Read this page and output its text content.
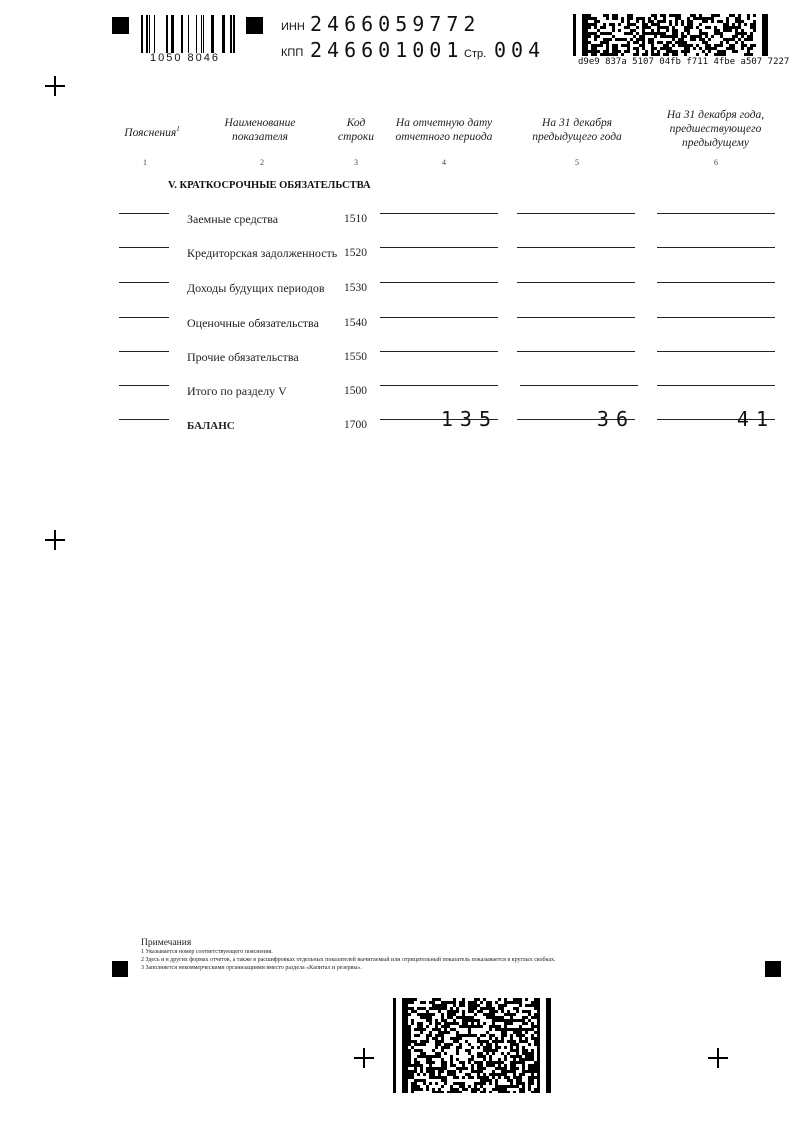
1050 8046
ИНН 2466059772
КПП 246601001 Стр. 004	d9e9 837a 5107 04fb f711 4fbe a507 7227
Пояснения$^1$	Наименование показателя
Код строки
На отчетную дату отчетного периода
На 31 декабря предыдущего года
На 31 декабря года, предшествующего предыдущему
1	2	3	4	5	6
V. КРАТКОСРОЧНЫЕ ОБЯЗАТЕЛЬСТВА
Заемные средства	1510
Кредиторская задолженность 1520
Доходы будущих периодов 1530
Оценочные обязательства 1540
Прочие обязательства	1550
Итого по разделу V	1500
БАЛАНС	1700	135	36	41
Примечания
1 Указывается номер соответствующего пояснения.
2 Здесь и в других формах отчетов, а также в расшифровках отдельных показателей вычитаемый или отрицательный показатель показывается в круглых скобках.
3 Заполняется некоммерческими организациями вместо раздела «Капитал и резервы».
